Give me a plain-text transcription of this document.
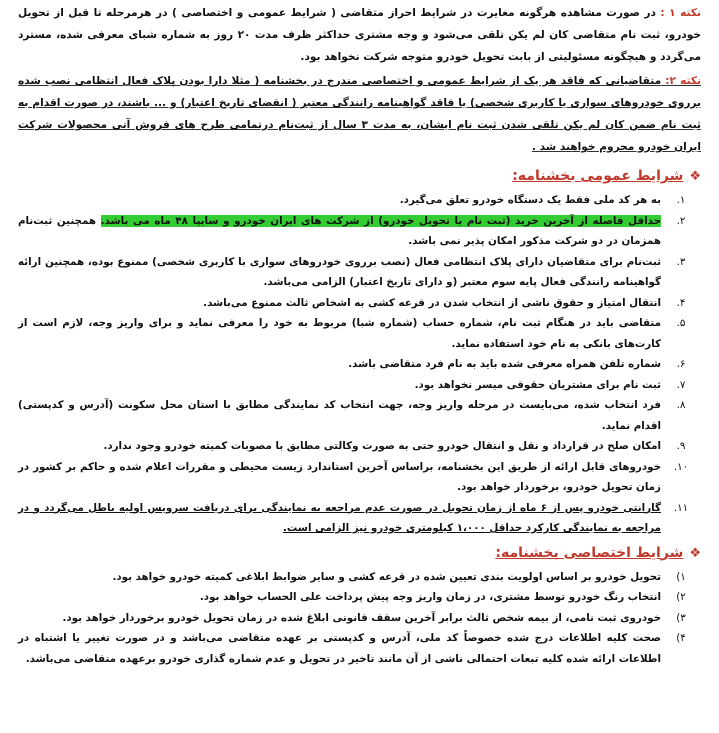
نکته ۱ : در صورت مشاهده هرگونه مغایرت در شرایط احراز متقاضی ( شرایط عمومی و اختصاصی ) در هرمرحله تا قبل از تحویل خودرو، ثبت نام متقاضی کان لم یکن تلقی می‌شود و وجه مشتری حداکثر ظرف مدت ۲۰ روز به شماره شبای معرفی شده، مسترد می‌گردد و هیچگونه مسئولیتی از بابت تحویل خودرو متوجه شرکت نخواهد بود.

نکته ۲: متقاضیانی که فاقد هر یک از شرایط عمومی و اختصاصی مندرج در بخشنامه ( مثلا دارا بودن پلاک فعال انتظامی نصب شده برروی خودروهای سواری یا کاربری شخصی) یا فاقد گواهینامه رانندگی معتبر ( انقضای تاریخ اعتبار) و ... باشند، در صورت اقدام به ثبت نام ضمن کان لم یکن تلقی شدن ثبت نام ایشان، به مدت ۳ سال از ثبت‌نام درتمامی طرح های فروش آتی محصولات شرکت ایران خودرو محروم خواهند شد .

❖شرایط عمومی بخشنامه:
۱.
به هر کد ملی فقط یک دستگاه خودرو تعلق می‌گیرد.
۲.
حداقل فاصله از آخرین خرید (ثبت نام یا تحویل خودرو) از شرکت های ایران خودرو و سایپا ۴۸ ماه می باشد. همچنین ثبت‌نام همزمان در دو شرکت مذکور امکان پذیر نمی باشد.
۳.
ثبت‌نام برای متقاضیان دارای پلاک انتظامی فعال (نصب برروی خودروهای سواری با کاربری شخصی) ممنوع بوده، همچنین ارائه گواهینامه رانندگی فعال پایه سوم معتبر (و دارای تاریخ اعتبار) الزامی می‌باشد.
۴.
انتقال امتیاز و حقوق ناشی از انتخاب شدن در قرعه کشی به اشخاص ثالث ممنوع می‌باشد.
۵.
متقاضی باید در هنگام ثبت نام، شماره حساب (شماره شبا) مربوط به خود را معرفی نماید و برای واریز وجه، لازم است از کارت‌های بانکی به نام خود استفاده نماید.
۶.
شماره تلفن همراه معرفی شده باید به نام فرد متقاضی باشد.
۷.
ثبت نام برای مشتریان حقوقی میسر نخواهد بود.
۸.
فرد انتخاب شده، می‌بایست در مرحله واریز وجه، جهت انتخاب کد نمایندگی مطابق با استان محل سکونت (آدرس و کدپستی) اقدام نماید.
۹.
امکان صلح در قرارداد و نقل و انتقال خودرو حتی به صورت وکالتی مطابق با مصوبات کمیته خودرو وجود ندارد.
۱۰.
خودروهای قابل ارائه از طریق این بخشنامه، براساس آخرین استاندارد زیست محیطی و مقررات اعلام شده و حاکم بر کشور در زمان تحویل خودرو، برخوردار خواهد بود.
۱۱.
گارانتی خودرو پس از ۶ ماه از زمان تحویل در صورت عدم مراجعه به نمایندگی برای دریافت سرویس اولیه باطل می‌گردد و در مراجعه به نمایندگی کارکرد حداقل ۱،۰۰۰ کیلومتری خودرو نیز الزامی است.
❖شرایط اختصاصی بخشنامه:
۱)
تحویل خودرو بر اساس اولویت بندی تعیین شده در قرعه کشی و سایر ضوابط ابلاغی کمیته خودرو خواهد بود.
۲)
انتخاب رنگ خودرو توسط مشتری، در زمان واریز وجه پیش پرداخت علی الحساب خواهد بود.
۳)
خودروی ثبت نامی، از بیمه شخص ثالث برابر آخرین سقف قانونی ابلاغ شده در زمان تحویل خودرو برخوردار خواهد بود.
۴)
صحت کلیه اطلاعات درج شده خصوصاً کد ملی، آدرس و کدپستی بر عهده متقاضی می‌باشد و در صورت تغییر یا اشتباه در اطلاعات ارائه شده کلیه تبعات احتمالی ناشی از آن مانند تاخیر در تحویل و عدم شماره گذاری خودرو برعهده متقاضی می‌باشد.
